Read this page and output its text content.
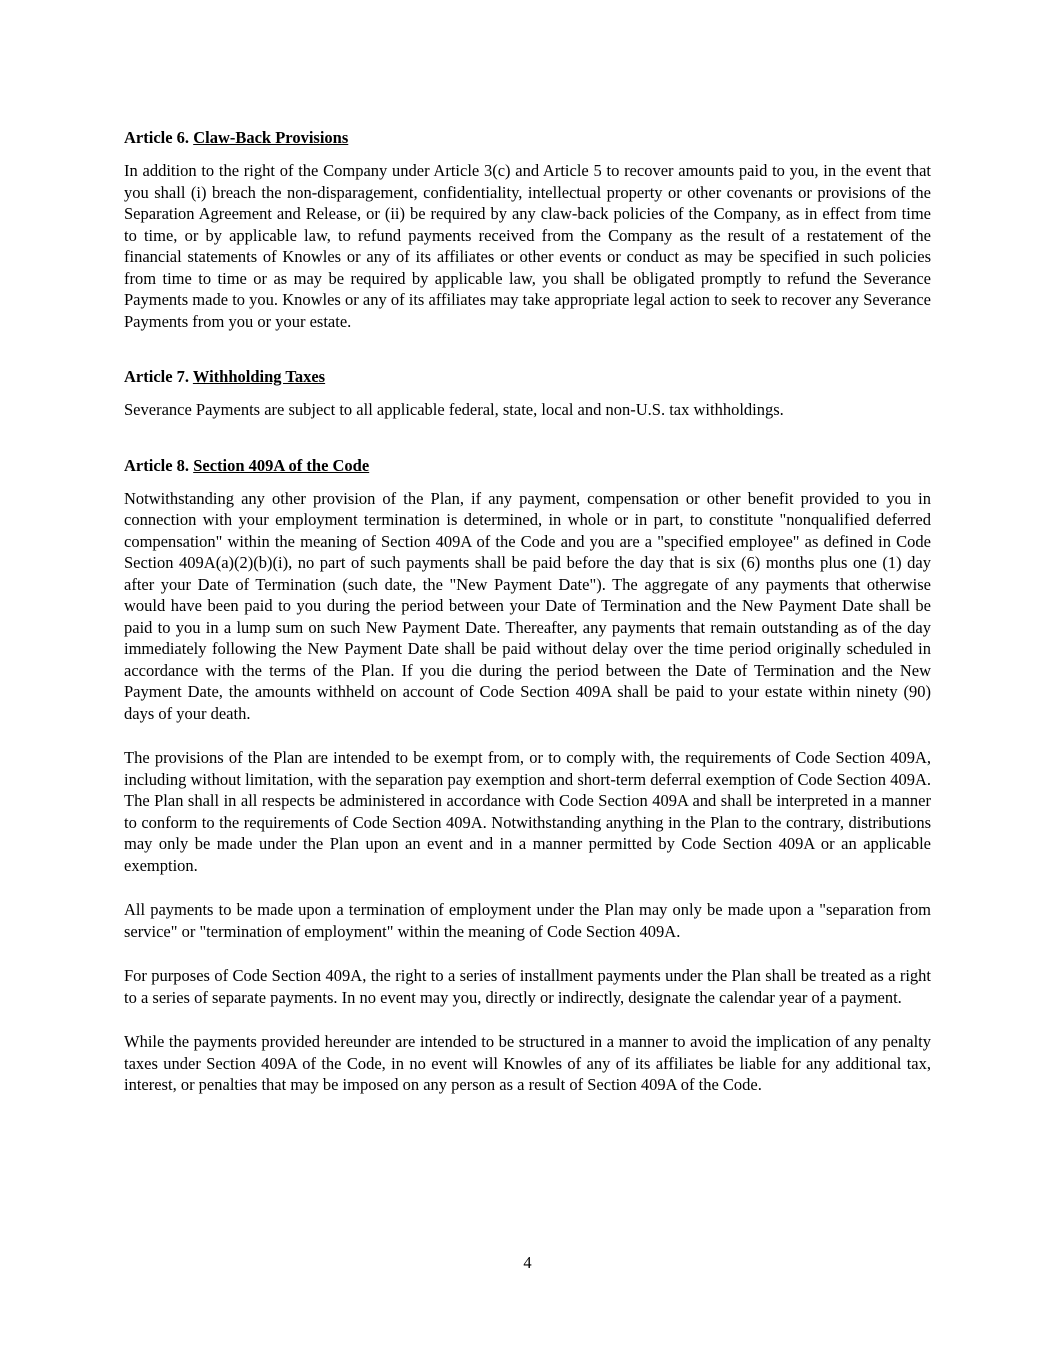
Article 6. Claw-Back Provisions

In addition to the right of the Company under Article 3(c) and Article 5 to recover amounts paid to you, in the event that you shall (i) breach the non-disparagement, confidentiality, intellectual property or other covenants or provisions of the Separation Agreement and Release, or (ii) be required by any claw-back policies of the Company, as in effect from time to time, or by applicable law, to refund payments received from the Company as the result of a restatement of the financial statements of Knowles or any of its affiliates or other events or conduct as may be specified in such policies from time to time or as may be required by applicable law, you shall be obligated promptly to refund the Severance Payments made to you. Knowles or any of its affiliates may take appropriate legal action to seek to recover any Severance Payments from you or your estate.

Article 7. Withholding Taxes

Severance Payments are subject to all applicable federal, state, local and non-U.S. tax withholdings.

Article 8. Section 409A of the Code

Notwithstanding any other provision of the Plan, if any payment, compensation or other benefit provided to you in connection with your employment termination is determined, in whole or in part, to constitute "nonqualified deferred compensation" within the meaning of Section 409A of the Code and you are a "specified employee" as defined in Code Section 409A(a)(2)(b)(i), no part of such payments shall be paid before the day that is six (6) months plus one (1) day after your Date of Termination (such date, the "New Payment Date"). The aggregate of any payments that otherwise would have been paid to you during the period between your Date of Termination and the New Payment Date shall be paid to you in a lump sum on such New Payment Date. Thereafter, any payments that remain outstanding as of the day immediately following the New Payment Date shall be paid without delay over the time period originally scheduled in accordance with the terms of the Plan. If you die during the period between the Date of Termination and the New Payment Date, the amounts withheld on account of Code Section 409A shall be paid to your estate within ninety (90) days of your death.

The provisions of the Plan are intended to be exempt from, or to comply with, the requirements of Code Section 409A, including without limitation, with the separation pay exemption and short-term deferral exemption of Code Section 409A. The Plan shall in all respects be administered in accordance with Code Section 409A and shall be interpreted in a manner to conform to the requirements of Code Section 409A. Notwithstanding anything in the Plan to the contrary, distributions may only be made under the Plan upon an event and in a manner permitted by Code Section 409A or an applicable exemption.

All payments to be made upon a termination of employment under the Plan may only be made upon a "separation from service" or "termination of employment" within the meaning of Code Section 409A.

For purposes of Code Section 409A, the right to a series of installment payments under the Plan shall be treated as a right to a series of separate payments. In no event may you, directly or indirectly, designate the calendar year of a payment.

While the payments provided hereunder are intended to be structured in a manner to avoid the implication of any penalty taxes under Section 409A of the Code, in no event will Knowles of any of its affiliates be liable for any additional tax, interest, or penalties that may be imposed on any person as a result of Section 409A of the Code.

4
